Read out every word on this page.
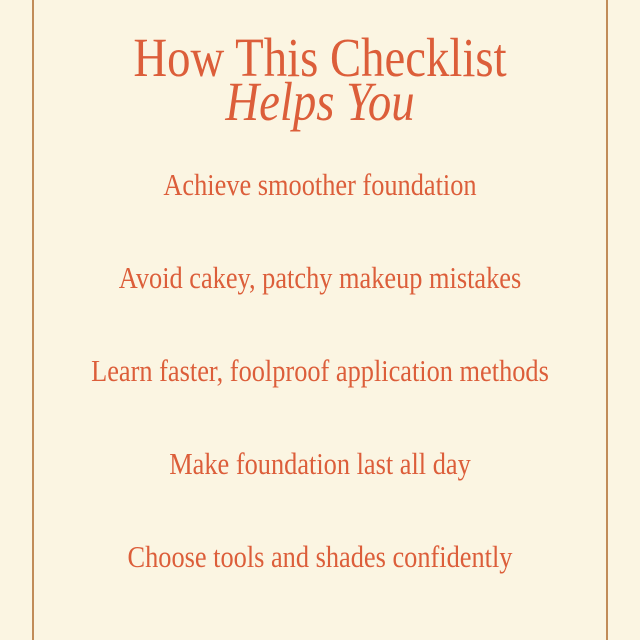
How This Checklist
Helps You
Achieve smoother foundation
Avoid cakey, patchy makeup mistakes
Learn faster, foolproof application methods
Make foundation last all day
Choose tools and shades confidently
